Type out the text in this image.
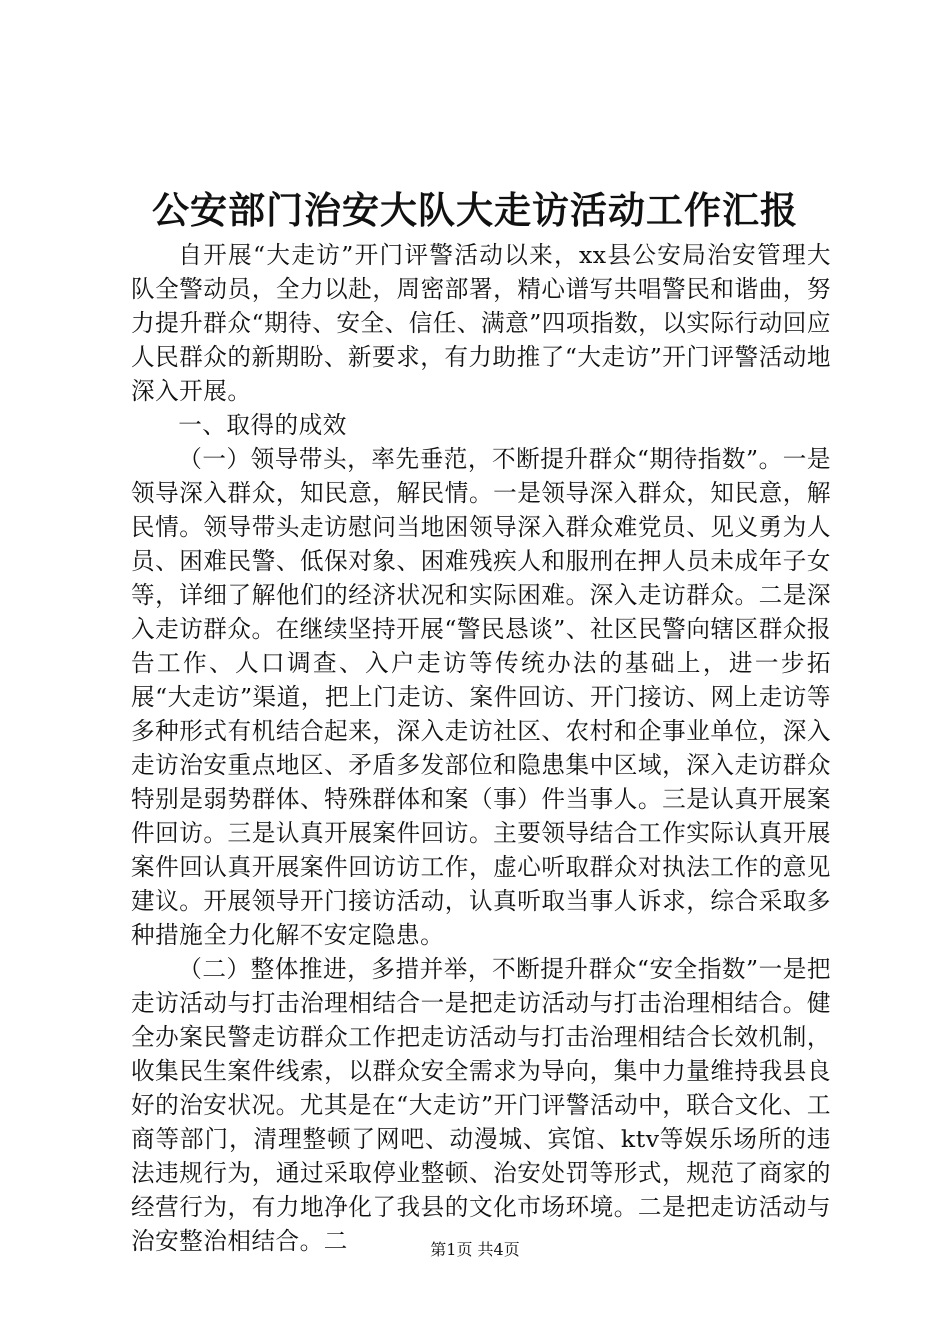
公安部门治安大队大走访活动工作汇报

自开展“大走访”开门评警活动以来，xx县公安局治安管理大队全警动员，全力以赴，周密部署，精心谱写共唱警民和谐曲，努力提升群众“期待、安全、信任、满意”四项指数，以实际行动回应人民群众的新期盼、新要求，有力助推了“大走访”开门评警活动地深入开展。

一、取得的成效

（一）领导带头，率先垂范，不断提升群众“期待指数”。一是领导深入群众，知民意，解民情。一是领导深入群众，知民意，解民情。领导带头走访慰问当地困领导深入群众难党员、见义勇为人员、困难民警、低保对象、困难残疾人和服刑在押人员未成年子女等，详细了解他们的经济状况和实际困难。深入走访群众。二是深入走访群众。在继续坚持开展“警民恳谈”、社区民警向辖区群众报告工作、人口调查、入户走访等传统办法的基础上，进一步拓展“大走访”渠道，把上门走访、案件回访、开门接访、网上走访等多种形式有机结合起来，深入走访社区、农村和企事业单位，深入走访治安重点地区、矛盾多发部位和隐患集中区域，深入走访群众特别是弱势群体、特殊群体和案（事）件当事人。三是认真开展案件回访。三是认真开展案件回访。主要领导结合工作实际认真开展案件回认真开展案件回访访工作，虚心听取群众对执法工作的意见建议。开展领导开门接访活动，认真听取当事人诉求，综合采取多种措施全力化解不安定隐患。

（二）整体推进，多措并举，不断提升群众“安全指数”一是把走访活动与打击治理相结合一是把走访活动与打击治理相结合。健全办案民警走访群众工作把走访活动与打击治理相结合长效机制，收集民生案件线索，以群众安全需求为导向，集中力量维持我县良好的治安状况。尤其是在“大走访”开门评警活动中，联合文化、工商等部门，清理整顿了网吧、动漫城、宾馆、ktv等娱乐场所的违法违规行为，通过采取停业整顿、治安处罚等形式，规范了商家的经营行为，有力地净化了我县的文化市场环境。二是把走访活动与治安整治相结合。二	第1页 共4页
